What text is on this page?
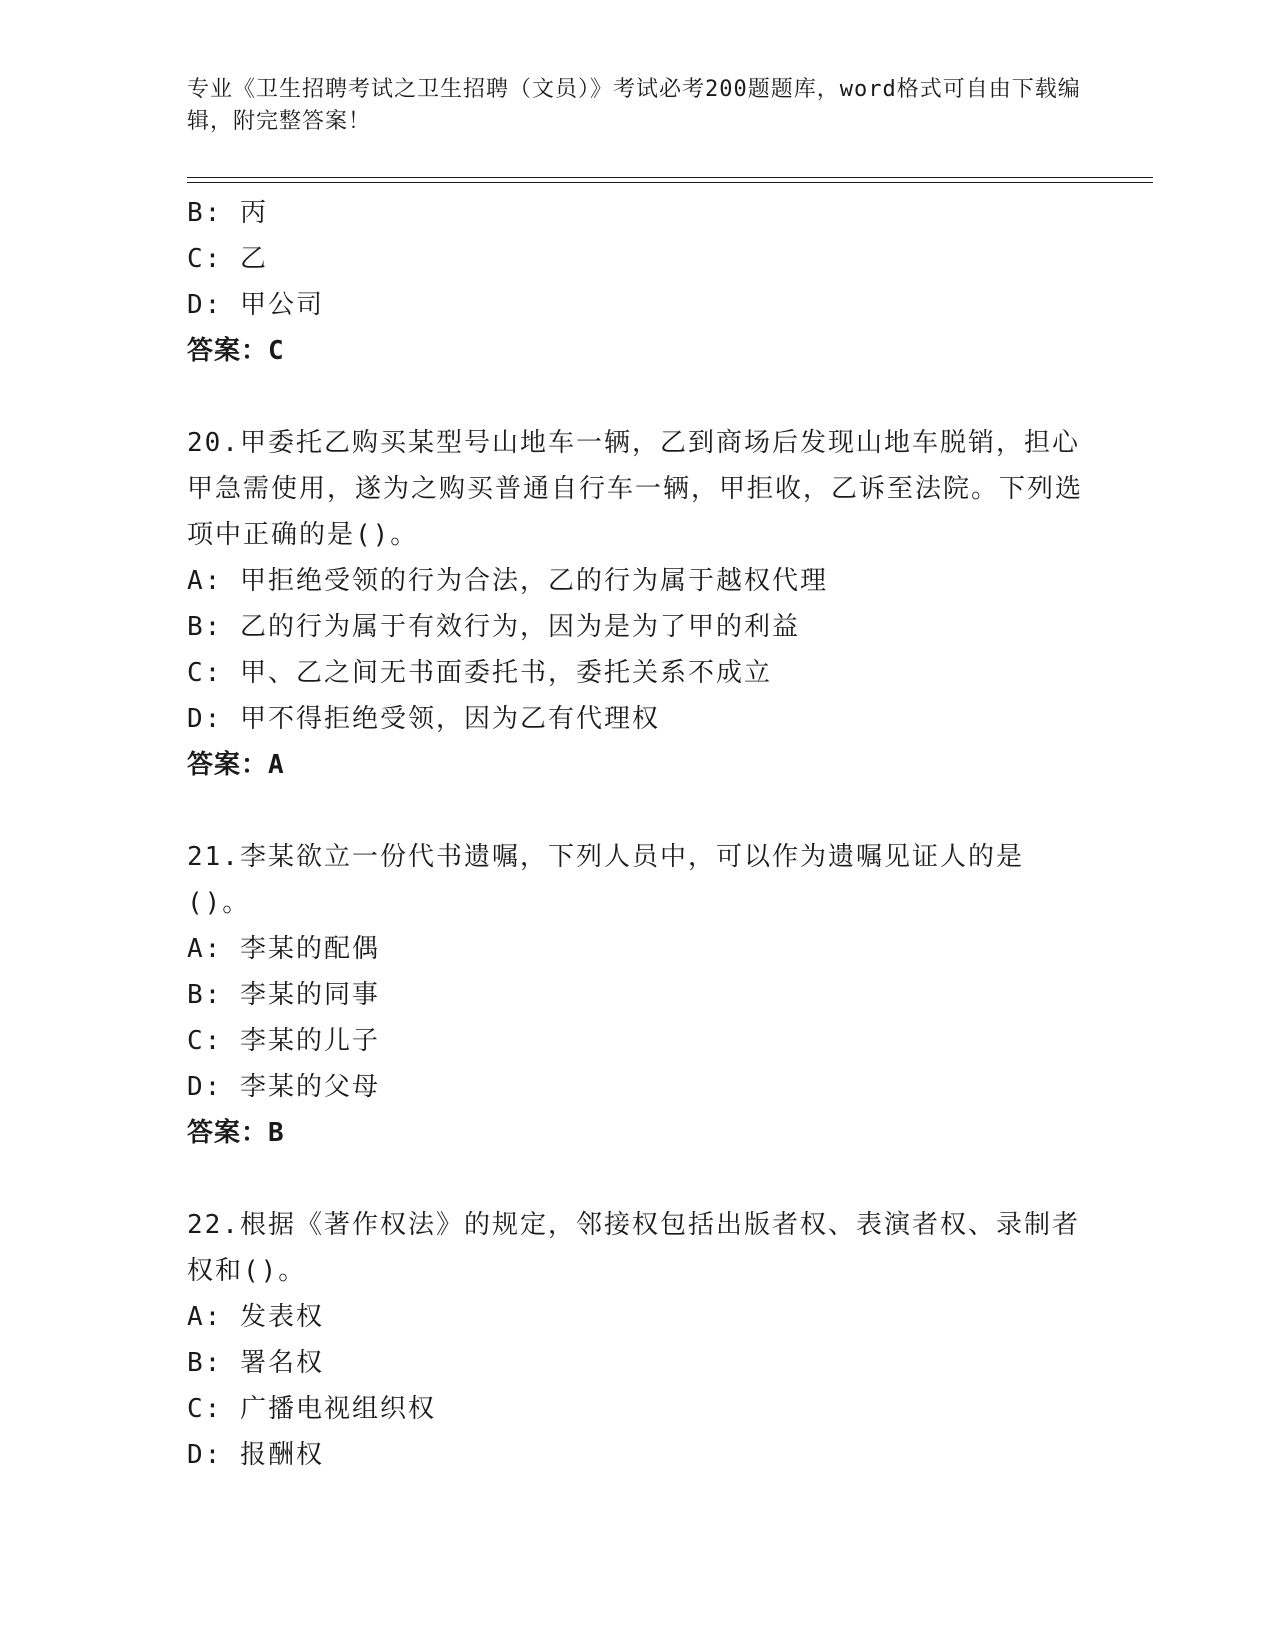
专业《卫生招聘考试之卫生招聘（文员）》考试必考200题题库，word格式可自由下载编辑，附完整答案！
B: 丙
C: 乙
D: 甲公司
答案：C
20.甲委托乙购买某型号山地车一辆，乙到商场后发现山地车脱销，担心甲急需使用，遂为之购买普通自行车一辆，甲拒收，乙诉至法院。下列选项中正确的是()。
A: 甲拒绝受领的行为合法，乙的行为属于越权代理
B: 乙的行为属于有效行为，因为是为了甲的利益
C: 甲、乙之间无书面委托书，委托关系不成立
D: 甲不得拒绝受领，因为乙有代理权
答案：A
21.李某欲立一份代书遗嘱，下列人员中，可以作为遗嘱见证人的是()。
A: 李某的配偶
B: 李某的同事
C: 李某的儿子
D: 李某的父母
答案：B
22.根据《著作权法》的规定，邻接权包括出版者权、表演者权、录制者权和()。
A: 发表权
B: 署名权
C: 广播电视组织权
D: 报酬权
